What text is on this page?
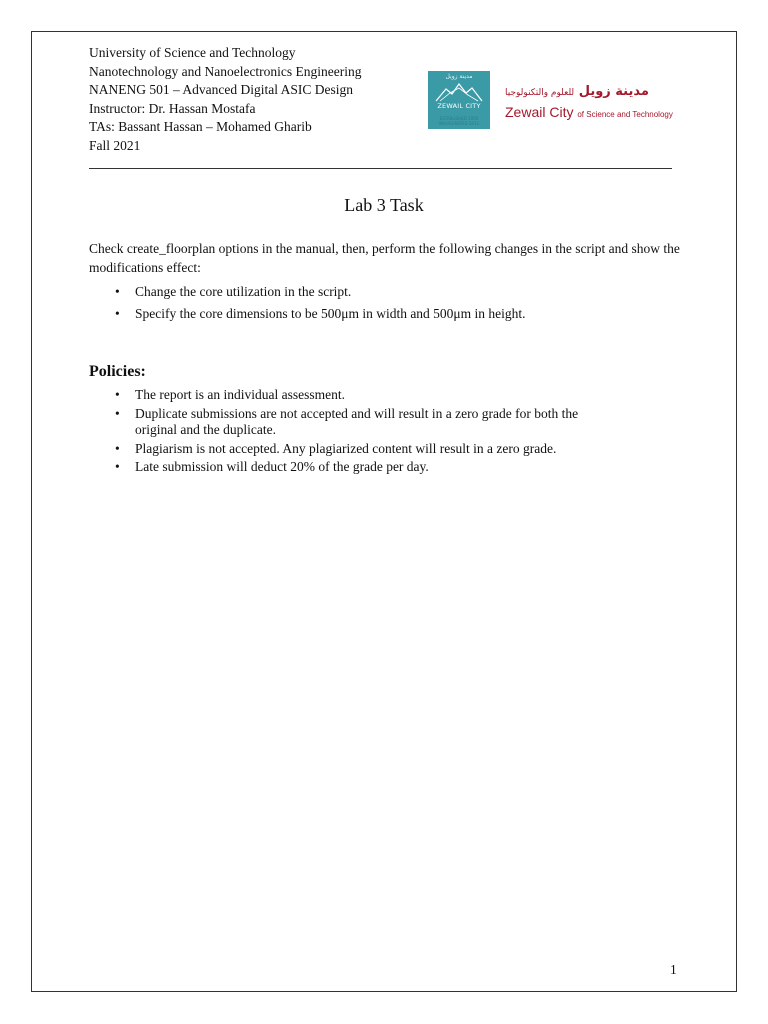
University of Science and Technology
Nanotechnology and Nanoelectronics Engineering
NANENG 501 – Advanced Digital ASIC Design
Instructor: Dr. Hassan Mostafa
TAs: Bassant Hassan – Mohamed Gharib
Fall 2021
مدينة زويل
ZEWAIL CITY
ESTABLISHED 2000
INAUGURATED 2011
مدينة زويل للعلوم والتكنولوجيا
Zewail City of Science and Technology
Lab 3 Task
Check create_floorplan options in the manual, then, perform the following changes in the script and show the modifications effect:
• Change the core utilization in the script.
• Specify the core dimensions to be 500μm in width and 500μm in height.
Policies:
• The report is an individual assessment.
• Duplicate submissions are not accepted and will result in a zero grade for both the original and the duplicate.
• Plagiarism is not accepted. Any plagiarized content will result in a zero grade.
• Late submission will deduct 20% of the grade per day.
1
